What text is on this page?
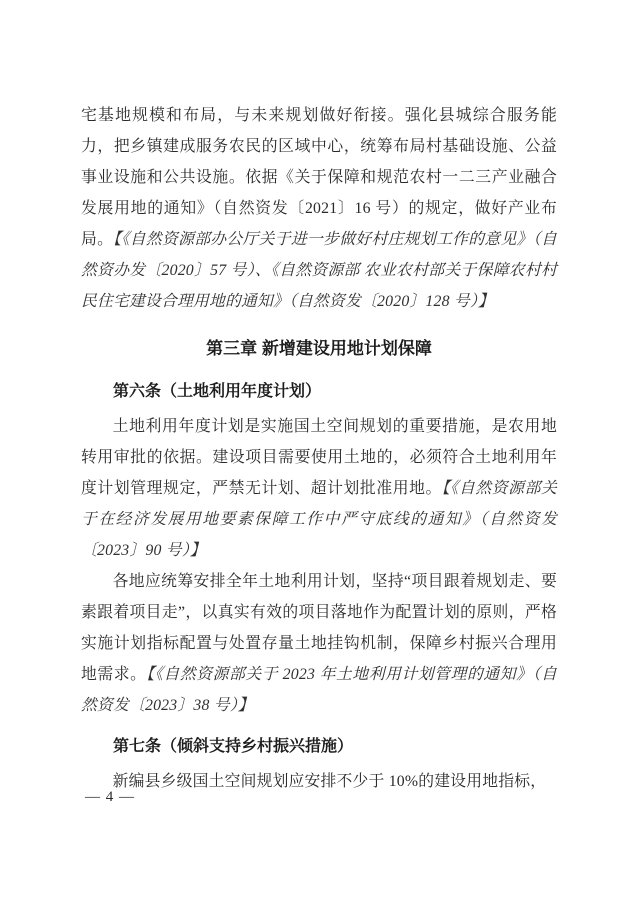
宅基地规模和布局，与未来规划做好衔接。强化县城综合服务能力，把乡镇建成服务农民的区域中心，统筹布局村基础设施、公益事业设施和公共设施。依据《关于保障和规范农村一二三产业融合发展用地的通知》（自然资发〔2021〕16 号）的规定，做好产业布局。【《自然资源部办公厅关于进一步做好村庄规划工作的意见》（自然资办发〔2020〕57 号）、《自然资源部 农业农村部关于保障农村村民住宅建设合理用地的通知》（自然资发〔2020〕128 号）】

第三章 新增建设用地计划保障
第六条（土地利用年度计划）

土地利用年度计划是实施国土空间规划的重要措施，是农用地转用审批的依据。建设项目需要使用土地的，必须符合土地利用年度计划管理规定，严禁无计划、超计划批准用地。【《自然资源部关于在经济发展用地要素保障工作中严守底线的通知》（自然资发〔2023〕90 号）】

各地应统筹安排全年土地利用计划，坚持“项目跟着规划走、要素跟着项目走”，以真实有效的项目落地作为配置计划的原则，严格实施计划指标配置与处置存量土地挂钩机制，保障乡村振兴合理用地需求。【《自然资源部关于 2023 年土地利用计划管理的通知》（自然资发〔2023〕38 号）】

第七条（倾斜支持乡村振兴措施）

新编县乡级国土空间规划应安排不少于 10%的建设用地指标，

— 4 —
